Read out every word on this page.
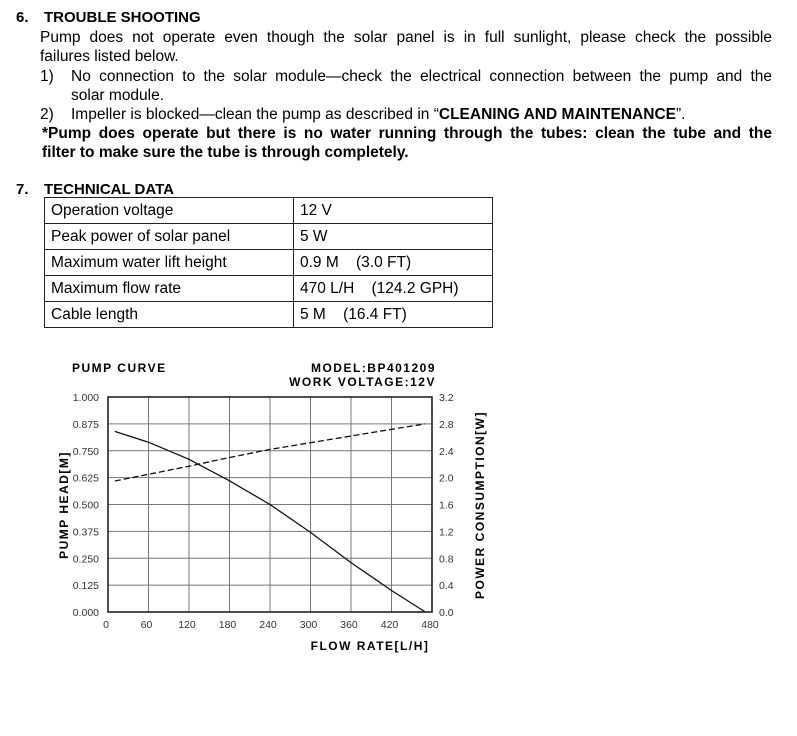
6. TROUBLE SHOOTING
Pump does not operate even though the solar panel is in full sunlight, please check the possible
failures listed below.
1) No connection to the solar module—check the electrical connection between the pump and the
solar module.
2) Impeller is blocked—clean the pump as described in “CLEANING AND MAINTENANCE”.
*Pump does operate but there is no water running through the tubes: clean the tube and the
filter to make sure the tube is through completely.
7. TECHNICAL DATA
Operation voltage	12 V
Peak power of solar panel	5 W
Maximum water lift height	0.9 M    (3.0 FT)
Maximum flow rate	470 L/H    (124.2 GPH)
Cable length	5 M    (16.4 FT)
PUMP CURVE	MODEL:BP401209
WORK VOLTAGE:12V
0	60 120 180 240 300 360 420 480
0.000	0.0
0.125	0.4
0.250	0.8
0.375	1.2
0.500	1.6
0.625	2.0
0.750	2.4
0.875	2.8
1.000	3.2
FLOW RATE[L/H]
PUMP HEAD[M]	POWER CONSUMPTION[W]
